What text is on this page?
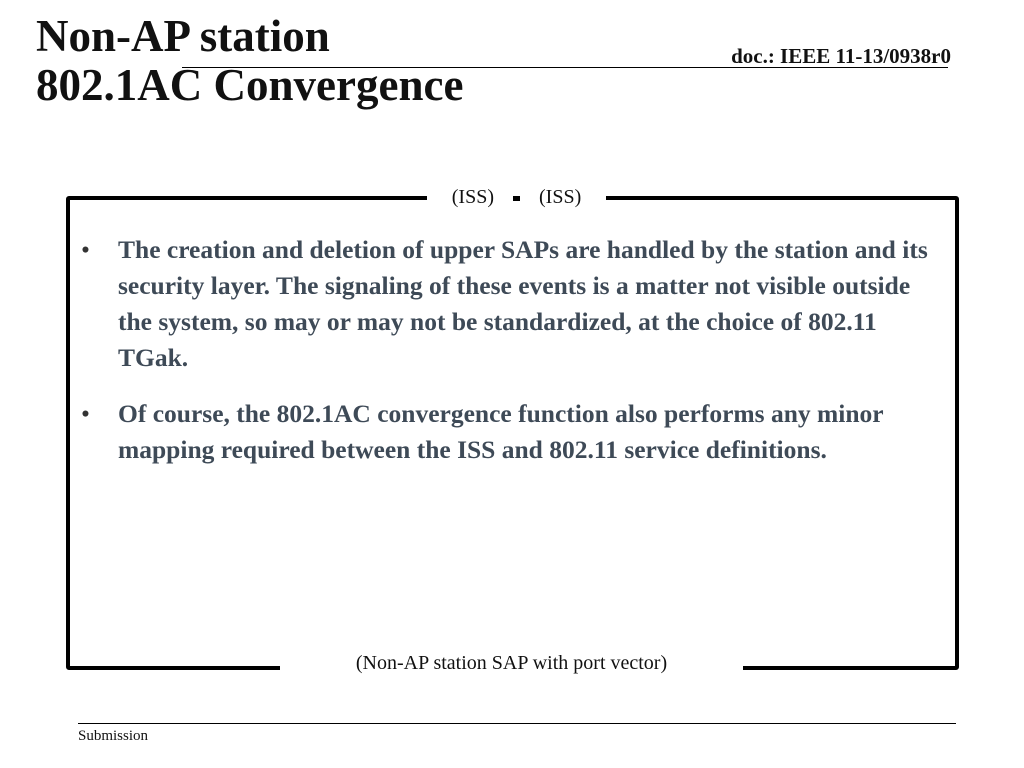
Non-AP station
802.1AC Convergence
doc.: IEEE 11-13/0938r0
(ISS) (ISS)
• The creation and deletion of upper SAPs are handled by the station and its security layer. The signaling of these events is a matter not visible outside the system, so may or may not be standardized, at the choice of 802.11 TGak.
• Of course, the 802.1AC convergence function also performs any minor mapping required between the ISS and 802.11 service definitions.
(Non-AP station SAP with port vector)
Submission
